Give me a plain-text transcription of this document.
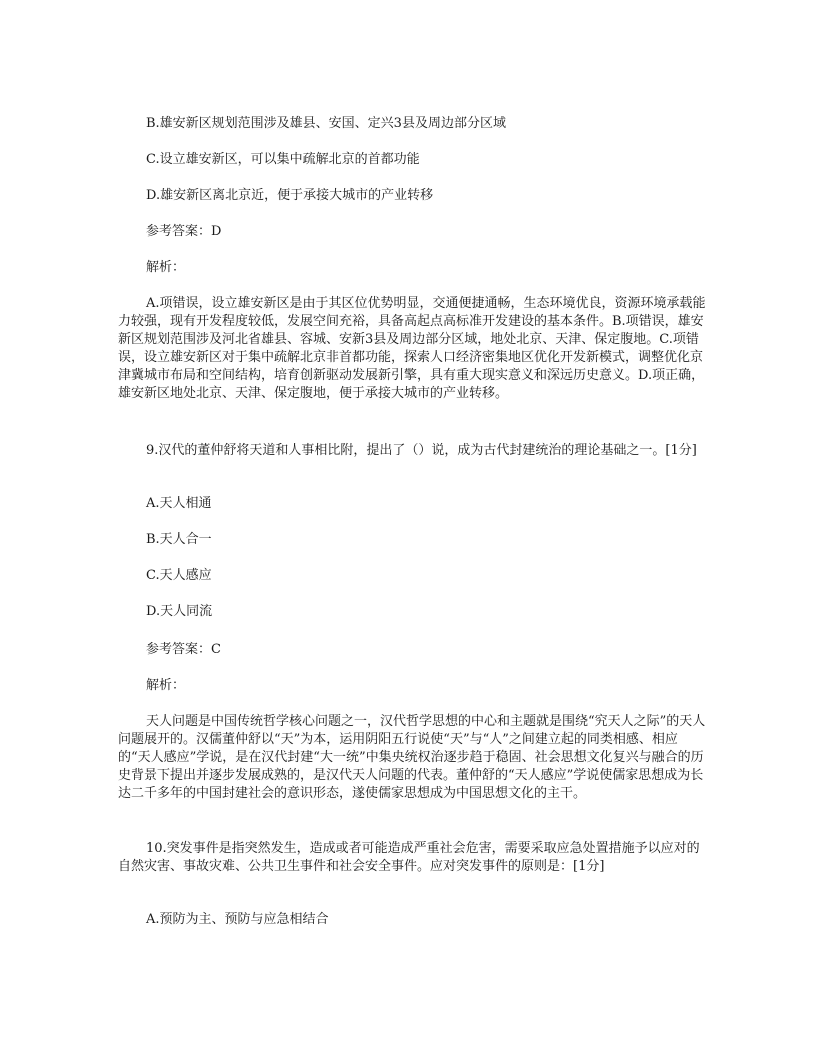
B.雄安新区规划范围涉及雄县、安国、定兴3县及周边部分区域

C.设立雄安新区，可以集中疏解北京的首都功能

D.雄安新区离北京近，便于承接大城市的产业转移

参考答案：D

解析：

A.项错误，设立雄安新区是由于其区位优势明显，交通便捷通畅，生态环境优良，资源环境承载能力较强，现有开发程度较低，发展空间充裕，具备高起点高标准开发建设的基本条件。B.项错误，雄安新区规划范围涉及河北省雄县、容城、安新3县及周边部分区域，地处北京、天津、保定腹地。C.项错误，设立雄安新区对于集中疏解北京非首都功能，探索人口经济密集地区优化开发新模式，调整优化京津冀城市布局和空间结构，培育创新驱动发展新引擎，具有重大现实意义和深远历史意义。D.项正确，雄安新区地处北京、天津、保定腹地，便于承接大城市的产业转移。

9.汉代的董仲舒将天道和人事相比附，提出了（）说，成为古代封建统治的理论基础之一。[1分]

A.天人相通

B.天人合一

C.天人感应

D.天人同流

参考答案：C

解析：

天人问题是中国传统哲学核心问题之一，汉代哲学思想的中心和主题就是围绕“究天人之际”的天人问题展开的。汉儒董仲舒以“天”为本，运用阴阳五行说使“天”与“人”之间建立起的同类相感、相应的“天人感应”学说，是在汉代封建“大一统”中集央统权治逐步趋于稳固、社会思想文化复兴与融合的历史背景下提出并逐步发展成熟的，是汉代天人问题的代表。董仲舒的“天人感应”学说使儒家思想成为长达二千多年的中国封建社会的意识形态，遂使儒家思想成为中国思想文化的主干。

10.突发事件是指突然发生，造成或者可能造成严重社会危害，需要采取应急处置措施予以应对的自然灾害、事故灾难、公共卫生事件和社会安全事件。应对突发事件的原则是：[1分]

A.预防为主、预防与应急相结合
